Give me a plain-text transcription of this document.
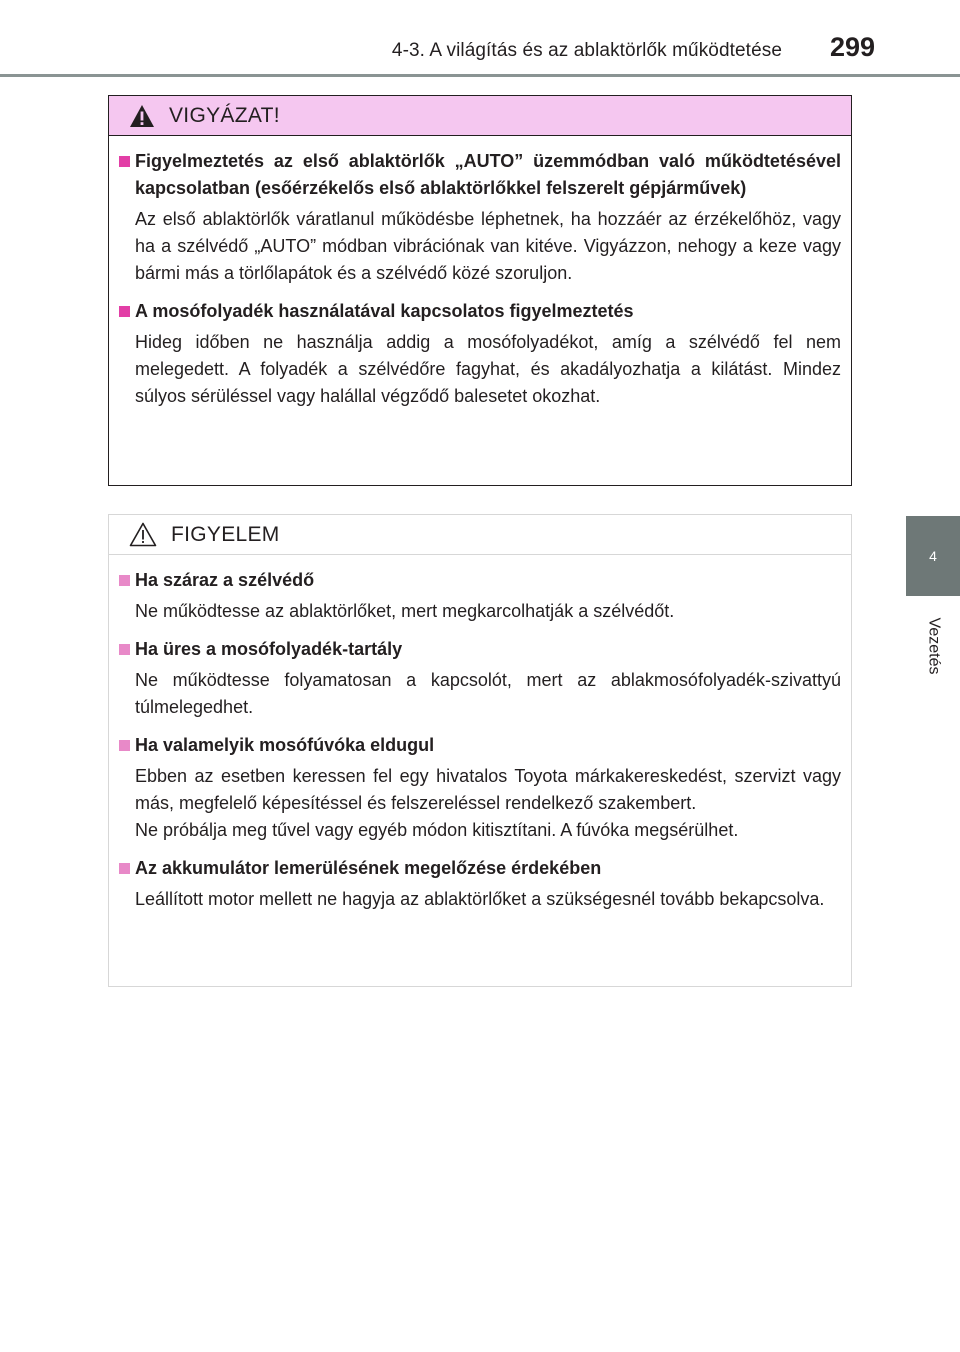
4-3. A világítás és az ablaktörlők működtetése 299
4
Vezetés
VIGYÁZAT!
Figyelmeztetés az első ablaktörlők „AUTO” üzemmódban való működtetésével kapcsolatban (esőérzékelős első ablaktörlőkkel felszerelt gépjárművek)

Az első ablaktörlők váratlanul működésbe léphetnek, ha hozzáér az érzékelőhöz, vagy ha a szélvédő „AUTO” módban vibrációnak van kitéve. Vigyázzon, nehogy a keze vagy bármi más a törlőlapátok és a szélvédő közé szoruljon.

A mosófolyadék használatával kapcsolatos figyelmeztetés

Hideg időben ne használja addig a mosófolyadékot, amíg a szélvédő fel nem melegedett. A folyadék a szélvédőre fagyhat, és akadályozhatja a kilátást. Mindez súlyos sérüléssel vagy halállal végződő balesetet okozhat.

FIGYELEM
Ha száraz a szélvédő

Ne működtesse az ablaktörlőket, mert megkarcolhatják a szélvédőt.

Ha üres a mosófolyadék-tartály

Ne működtesse folyamatosan a kapcsolót, mert az ablakmosófolyadék-szivattyú túlmelegedhet.

Ha valamelyik mosófúvóka eldugul

Ebben az esetben keressen fel egy hivatalos Toyota márkakereskedést, szervizt vagy más, megfelelő képesítéssel és felszereléssel rendelkező szakembert.

Ne próbálja meg tűvel vagy egyéb módon kitisztítani. A fúvóka megsérülhet.

Az akkumulátor lemerülésének megelőzése érdekében

Leállított motor mellett ne hagyja az ablaktörlőket a szükségesnél tovább bekapcsolva.
